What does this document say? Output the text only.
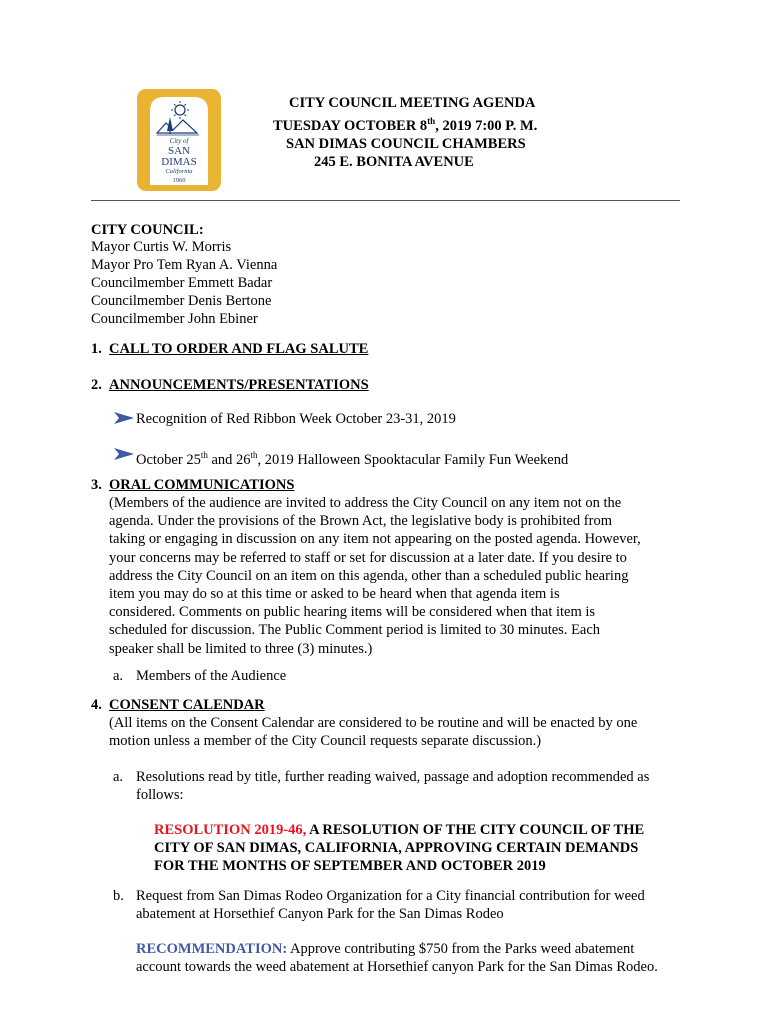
City of
SAN
DIMAS
California
1960
CITY COUNCIL MEETING AGENDA
TUESDAY OCTOBER 8th, 2019 7:00 P. M.
SAN DIMAS COUNCIL CHAMBERS
245 E. BONITA AVENUE
CITY COUNCIL:
Mayor Curtis W. Morris
Mayor Pro Tem Ryan A. Vienna
Councilmember Emmett Badar
Councilmember Denis Bertone
Councilmember John Ebiner
1. CALL TO ORDER AND FLAG SALUTE
2. ANNOUNCEMENTS/PRESENTATIONS
Recognition of Red Ribbon Week October 23-31, 2019
October 25th and 26th, 2019 Halloween Spooktacular Family Fun Weekend
3. ORAL COMMUNICATIONS
(Members of the audience are invited to address the City Council on any item not on the
agenda. Under the provisions of the Brown Act, the legislative body is prohibited from
taking or engaging in discussion on any item not appearing on the posted agenda. However,
your concerns may be referred to staff or set for discussion at a later date. If you desire to
address the City Council on an item on this agenda, other than a scheduled public hearing
item you may do so at this time or asked to be heard when that agenda item is
considered. Comments on public hearing items will be considered when that item is
scheduled for discussion. The Public Comment period is limited to 30 minutes. Each
speaker shall be limited to three (3) minutes.)
a. Members of the Audience
4. CONSENT CALENDAR
(All items on the Consent Calendar are considered to be routine and will be enacted by one
motion unless a member of the City Council requests separate discussion.)
a. Resolutions read by title, further reading waived, passage and adoption recommended as
follows:
RESOLUTION 2019-46, A RESOLUTION OF THE CITY COUNCIL OF THE
CITY OF SAN DIMAS, CALIFORNIA, APPROVING CERTAIN DEMANDS
FOR THE MONTHS OF SEPTEMBER AND OCTOBER 2019
b. Request from San Dimas Rodeo Organization for a City financial contribution for weed
abatement at Horsethief Canyon Park for the San Dimas Rodeo
RECOMMENDATION: Approve contributing $750 from the Parks weed abatement
account towards the weed abatement at Horsethief canyon Park for the San Dimas Rodeo.
